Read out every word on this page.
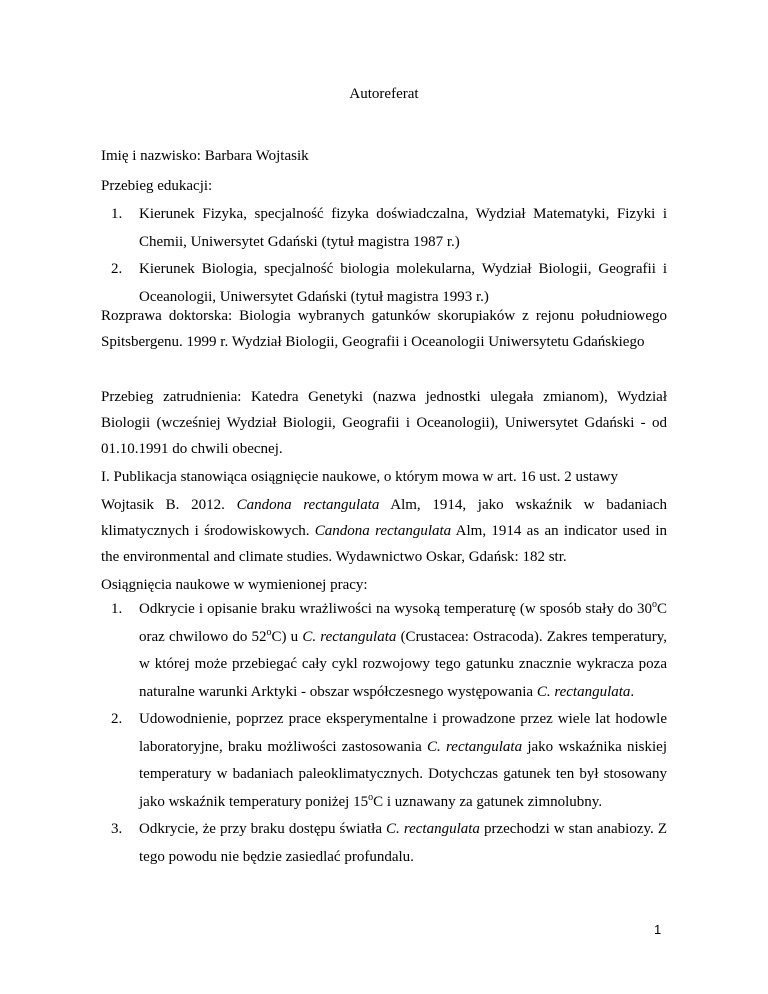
Autoreferat
Imię i nazwisko: Barbara Wojtasik
Przebieg edukacji:
1.	Kierunek Fizyka, specjalność fizyka doświadczalna, Wydział Matematyki, Fizyki i Chemii, Uniwersytet Gdański (tytuł magistra 1987 r.)
2.	Kierunek Biologia, specjalność biologia molekularna, Wydział Biologii, Geografii i Oceanologii, Uniwersytet Gdański (tytuł magistra 1993 r.)
Rozprawa doktorska: Biologia wybranych gatunków skorupiaków z rejonu południowego Spitsbergenu. 1999 r. Wydział Biologii, Geografii i Oceanologii Uniwersytetu Gdańskiego
Przebieg zatrudnienia: Katedra Genetyki (nazwa jednostki ulegała zmianom), Wydział Biologii (wcześniej Wydział Biologii, Geografii i Oceanologii), Uniwersytet Gdański - od 01.10.1991 do chwili obecnej.
I. Publikacja stanowiąca osiągnięcie naukowe, o którym mowa w art. 16 ust. 2 ustawy
Wojtasik B. 2012. Candona rectangulata Alm, 1914, jako wskaźnik w badaniach klimatycznych i środowiskowych. Candona rectangulata Alm, 1914 as an indicator used in the environmental and climate studies. Wydawnictwo Oskar, Gdańsk: 182 str.
Osiągnięcia naukowe w wymienionej pracy:
1.	Odkrycie i opisanie braku wrażliwości na wysoką temperaturę (w sposób stały do 30$^o$C oraz chwilowo do 52$^o$C) u C. rectangulata (Crustacea: Ostracoda). Zakres temperatury, w której może przebiegać cały cykl rozwojowy tego gatunku znacznie wykracza poza naturalne warunki Arktyki - obszar współczesnego występowania C. rectangulata.
2.	Udowodnienie, poprzez prace eksperymentalne i prowadzone przez wiele lat hodowle laboratoryjne, braku możliwości zastosowania C. rectangulata jako wskaźnika niskiej temperatury w badaniach paleoklimatycznych. Dotychczas gatunek ten był stosowany jako wskaźnik temperatury poniżej 15$^o$C i uznawany za gatunek zimnolubny.
3.	Odkrycie, że przy braku dostępu światła C. rectangulata przechodzi w stan anabiozy. Z tego powodu nie będzie zasiedlać profundalu.
1
